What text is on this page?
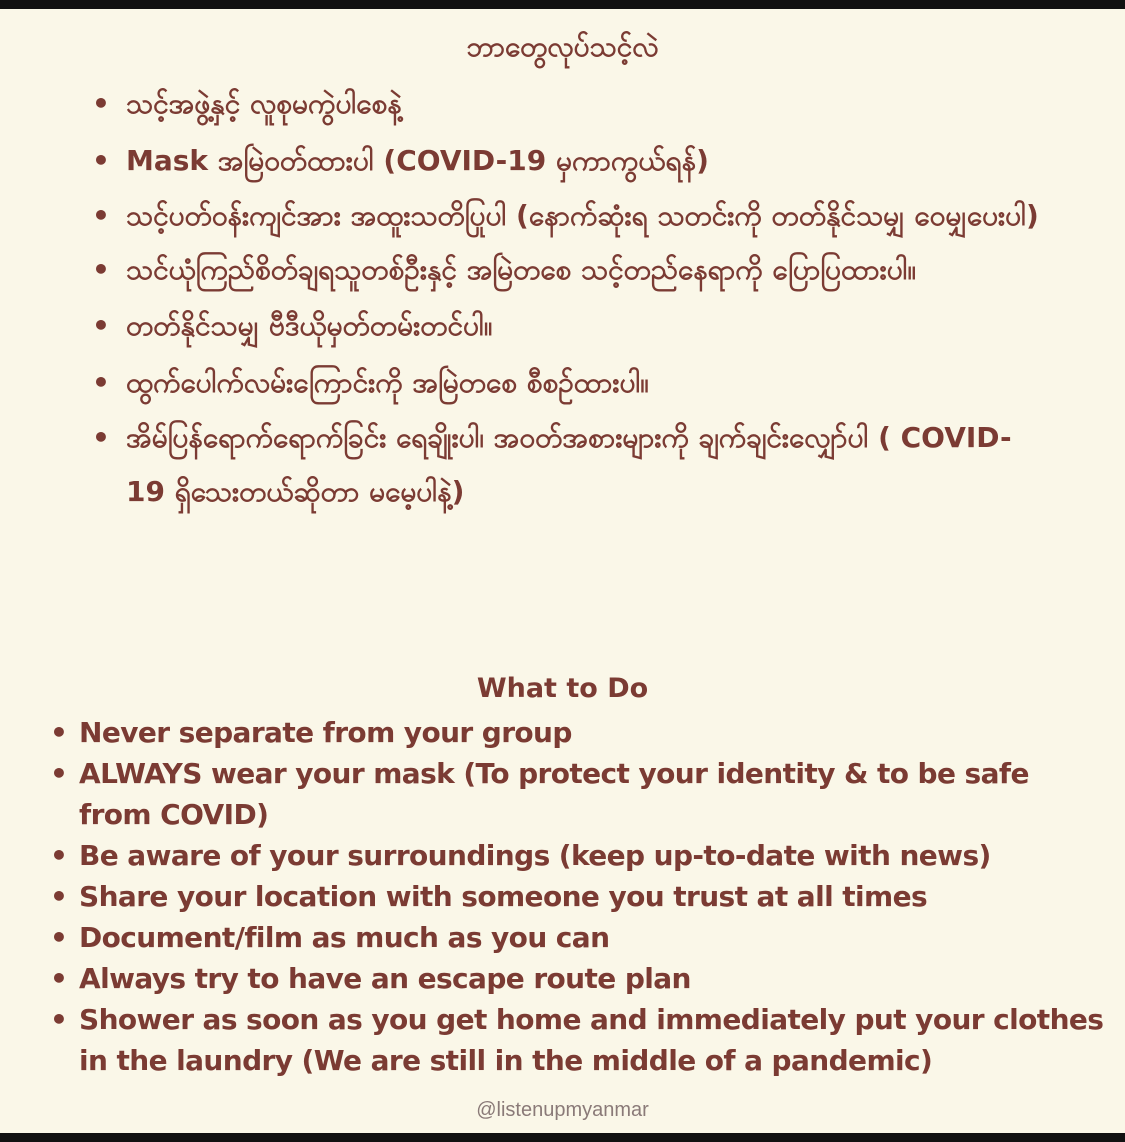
ဘာတွေလုပ်သင့်လဲ
• သင့်အဖွဲ့နှင့် လူစုမကွဲပါစေနဲ့
• Mask အမြဲဝတ်ထားပါ (COVID-19 မှကာကွယ်ရန်)
• သင့်ပတ်ဝန်းကျင်အား အထူးသတိပြုပါ (နောက်ဆုံးရ သတင်းကို တတ်နိုင်သမျှ ဝေမျှပေးပါ)
• သင်ယုံကြည်စိတ်ချရသူတစ်ဦးနှင့် အမြဲတစေ သင့်တည်နေရာကို ပြောပြထားပါ။
• တတ်နိုင်သမျှ ဗီဒီယိုမှတ်တမ်းတင်ပါ။
• ထွက်ပေါက်လမ်းကြောင်းကို အမြဲတစေ စီစဉ်ထားပါ။
• အိမ်ပြန်ရောက်ရောက်ခြင်း ရေချိုးပါ၊ အဝတ်အစားများကို ချက်ချင်းလျှော်ပါ ( COVID-19 ရှိသေးတယ်ဆိုတာ မမေ့ပါနဲ့)
What to Do
• Never separate from your group
• ALWAYS wear your mask (To protect your identity & to be safe from COVID)
• Be aware of your surroundings (keep up-to-date with news)
• Share your location with someone you trust at all times
• Document/film as much as you can
• Always try to have an escape route plan
• Shower as soon as you get home and immediately put your clothes in the laundry (We are still in the middle of a pandemic)
@listenupmyanmar
